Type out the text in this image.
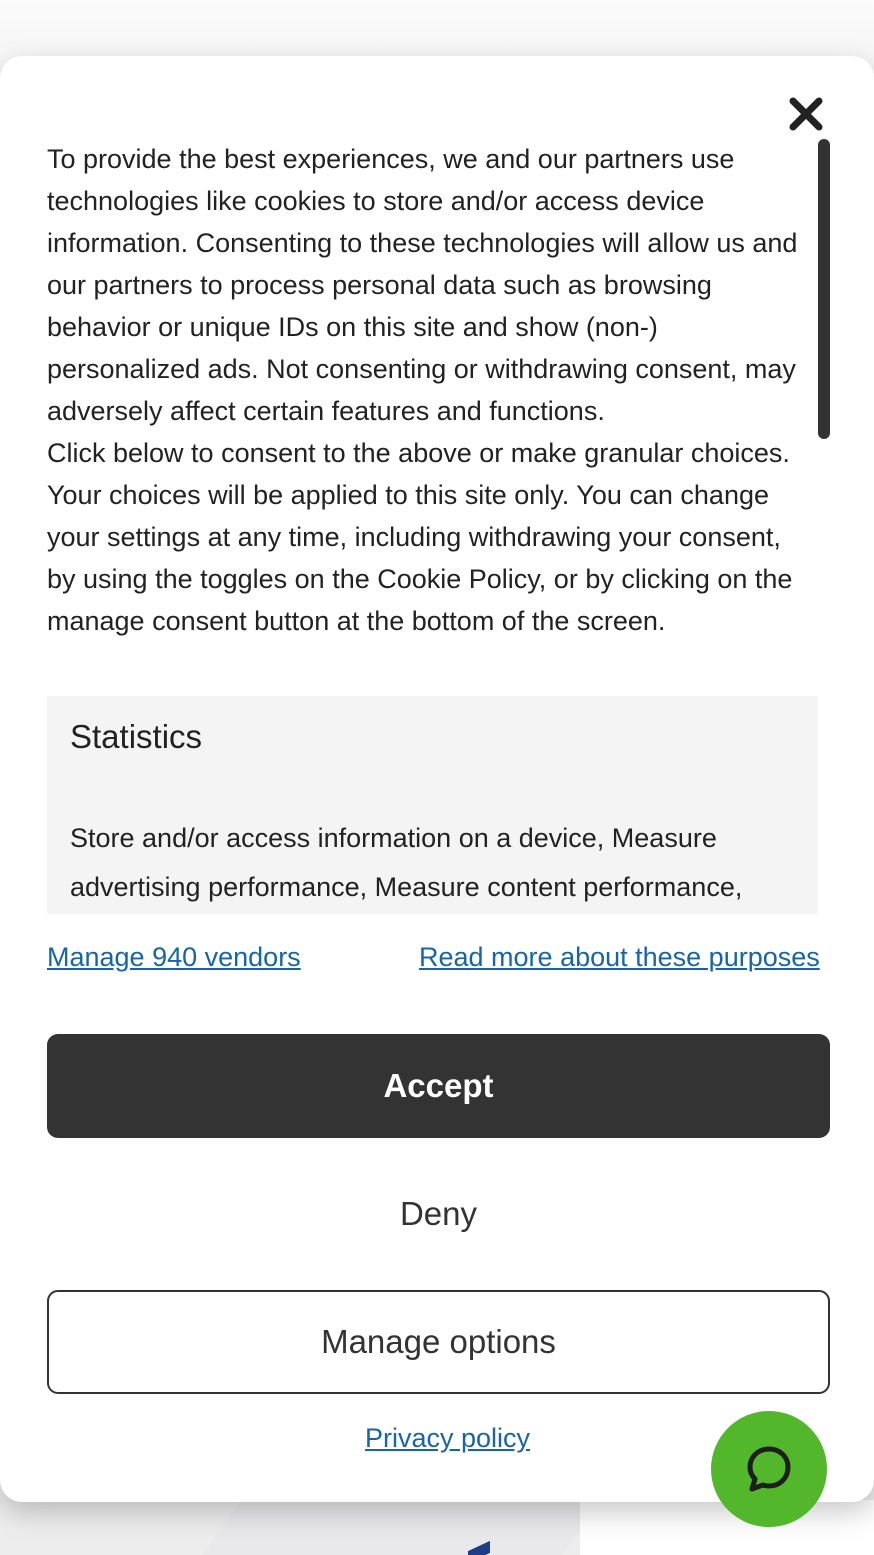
To provide the best experiences, we and our partners use technologies like cookies to store and/or access device information. Consenting to these technologies will allow us and our partners to process personal data such as browsing behavior or unique IDs on this site and show (non-) personalized ads. Not consenting or withdrawing consent, may adversely affect certain features and functions.

Click below to consent to the above or make granular choices. Your choices will be applied to this site only. You can change your settings at any time, including withdrawing your consent, by using the toggles on the Cookie Policy, or by clicking on the manage consent button at the bottom of the screen.

Statistics

Store and/or access information on a device, Measure advertising performance, Measure content performance,

Manage 940 vendors	Read more about these purposes
Accept
Deny
Manage options
Privacy policy
